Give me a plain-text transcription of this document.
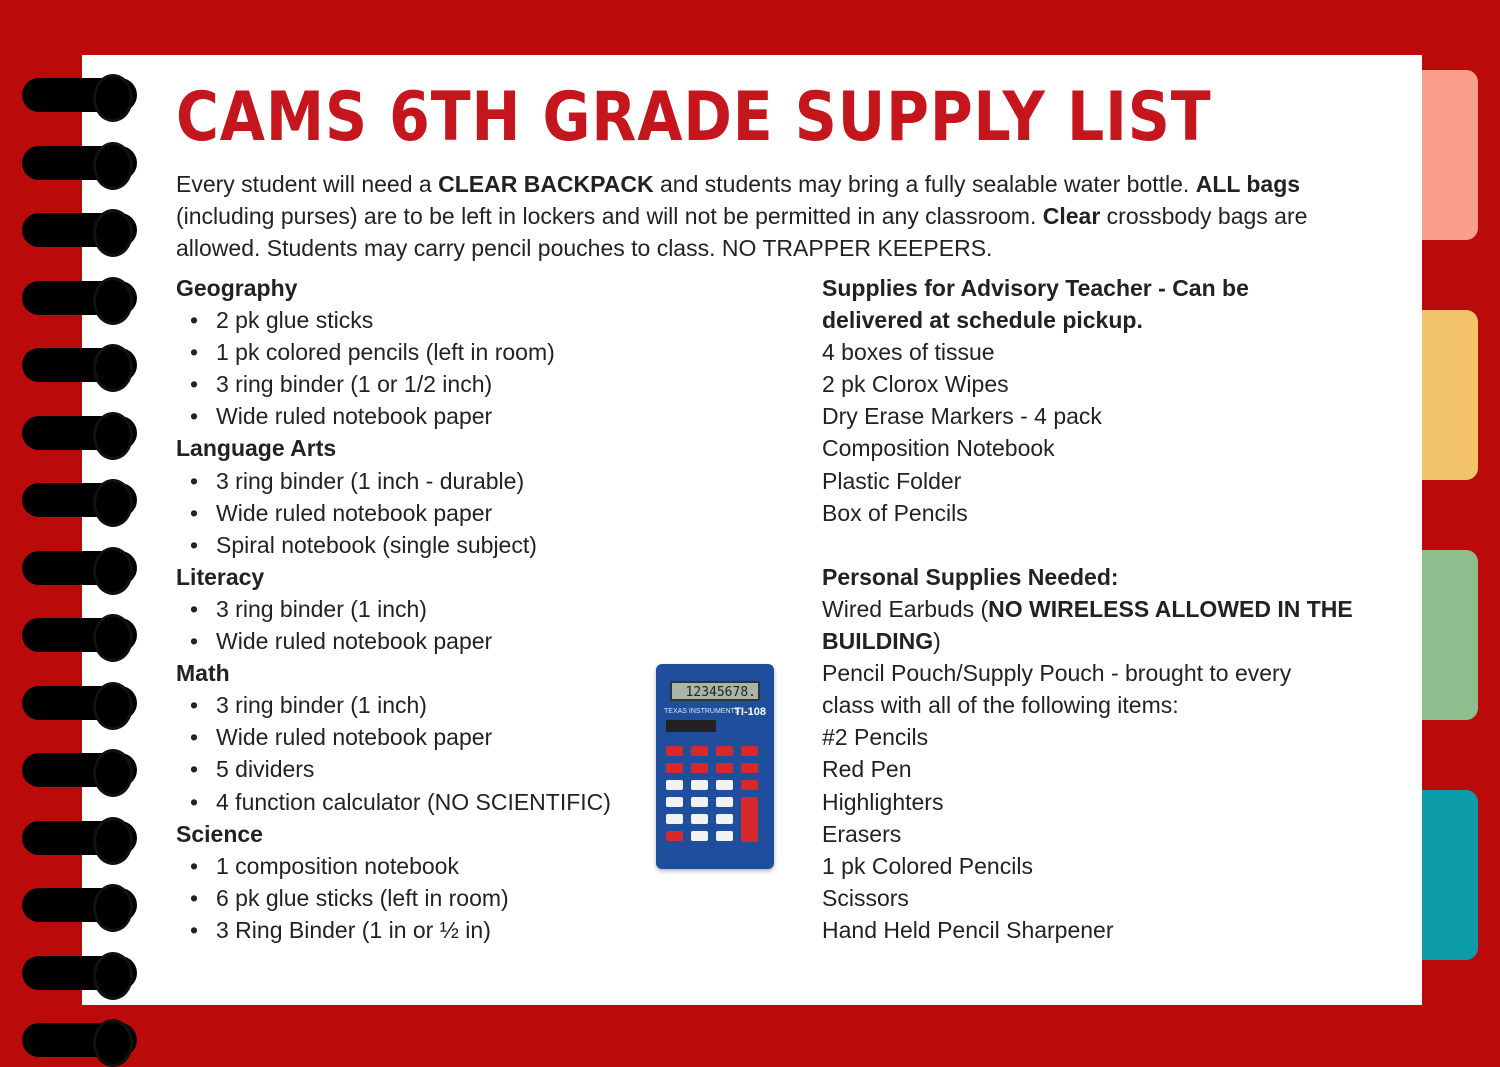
CAMS 6TH GRADE SUPPLY LIST

Every student will need a CLEAR BACKPACK and students may bring a fully sealable water bottle. ALL bags (including purses) are to be left in lockers and will not be permitted in any classroom. Clear crossbody bags are allowed. Students may carry pencil pouches to class. NO TRAPPER KEEPERS.

Geography
• 2 pk glue sticks
• 1 pk colored pencils (left in room)
• 3 ring binder (1 or 1/2 inch)
• Wide ruled notebook paper
Language Arts
• 3 ring binder (1 inch - durable)
• Wide ruled notebook paper
• Spiral notebook (single subject)
Literacy
• 3 ring binder (1 inch)
• Wide ruled notebook paper
Math
• 3 ring binder (1 inch)
• Wide ruled notebook paper
• 5 dividers
• 4 function calculator (NO SCIENTIFIC)
Science
• 1 composition notebook
• 6 pk glue sticks (left in room)
• 3 Ring Binder (1 in or ½ in)
Supplies for Advisory Teacher - Can be
delivered at schedule pickup.
4 boxes of tissue
2 pk Clorox Wipes
Dry Erase Markers - 4 pack
Composition Notebook
Plastic Folder
Box of Pencils
Personal Supplies Needed:
Wired Earbuds (NO WIRELESS ALLOWED IN THE
BUILDING)
Pencil Pouch/Supply Pouch - brought to every
class with all of the following items:
#2 Pencils
Red Pen
Highlighters
Erasers
1 pk Colored Pencils
Scissors
Hand Held Pencil Sharpener
12345678.
TEXAS INSTRUMENTS
TI-108
